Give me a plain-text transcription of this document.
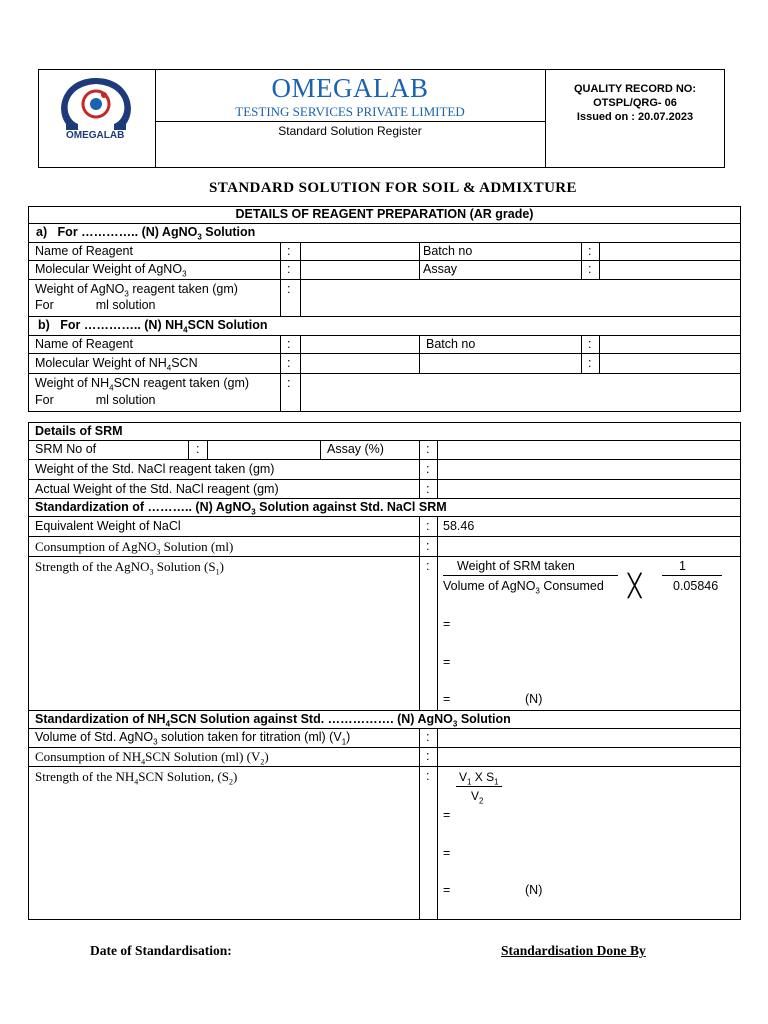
OMEGALAB
OMEGALAB
TESTING SERVICES PRIVATE LIMITED
Standard Solution Register
QUALITY RECORD NO:
OTSPL/QRG- 06
Issued on : 20.07.2023
STANDARD SOLUTION FOR SOIL & ADMIXTURE
DETAILS OF REAGENT PREPARATION (AR grade)
a) For ………….. (N) AgNO$_3$ Solution
Name of Reagent	:	Batch no	:
Molecular Weight of AgNO$_3$	:	Assay	:
Weight of AgNO$_3$ reagent taken (gm)
For	ml solution
:
b) For ………….. (N) $NH_4SCN$ Solution
Name of Reagent	:	Batch no	:
Molecular Weight of $NH_4SCN$	:	:
Weight of $NH_4SCN$ reagent taken (gm)
For	ml solution
:
Details of SRM
SRM No of	:	Assay (%)	:
Weight of the Std. NaCl reagent taken (gm)	:
Actual Weight of the Std. NaCl reagent (gm)	:
Standardization of ……….. (N) AgNO$_3$ Solution against Std. NaCl SRM
Equivalent Weight of NaCl	: 58.46
Consumption of AgNO$_3$ Solution (ml)	:
Strength of the AgNO$_3$ Solution $(S_1)$	: Weight of SRM taken
Volume of AgNO$_3$ Consumed ╳
1
0.05846
=
=
=	(N)
Standardization of $NH_4SCN$ Solution against Std. ……………. (N) AgNO$_3$ Solution
Volume of Std. AgNO$_3$ solution taken for titration (ml) $(V_1)$	:
Consumption of $NH_4SCN$ Solution (ml) $(V_2)$	:
Strength of the $NH_4SCN$ Solution, $(S_2)$	: $V_1$ X $S_1$
$V_2$
=
=
=	(N)
Date of Standardisation:	Standardisation Done By
